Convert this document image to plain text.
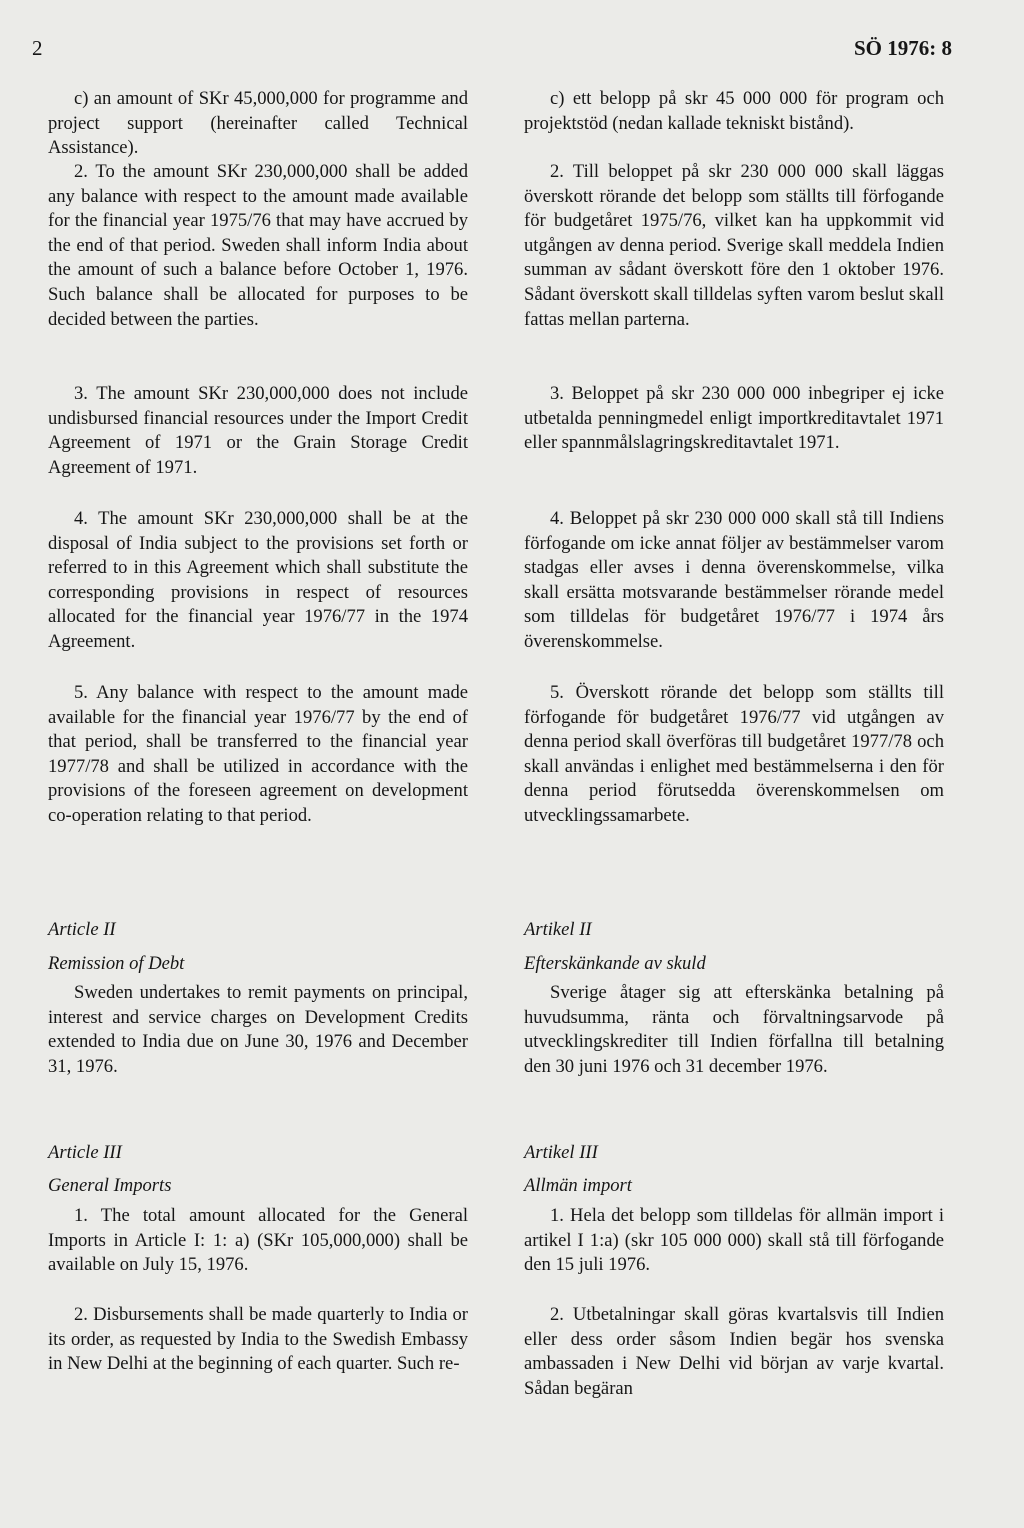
2	SÖ 1976: 8

c) an amount of SKr 45,000,000 for programme and project support (hereinafter called Technical Assistance).

2. To the amount SKr 230,000,000 shall be added any balance with respect to the amount made available for the financial year 1975/76 that may have accrued by the end of that period. Sweden shall inform India about the amount of such a balance before October 1, 1976. Such balance shall be allocated for purposes to be decided between the parties.

3. The amount SKr 230,000,000 does not include undisbursed financial resources under the Import Credit Agreement of 1971 or the Grain Storage Credit Agreement of 1971.

4. The amount SKr 230,000,000 shall be at the disposal of India subject to the provisions set forth or referred to in this Agreement which shall substitute the corresponding provisions in respect of resources allocated for the financial year 1976/77 in the 1974 Agreement.

5. Any balance with respect to the amount made available for the financial year 1976/77 by the end of that period, shall be transferred to the financial year 1977/78 and shall be utilized in accordance with the provisions of the foreseen agreement on development co-operation relating to that period.

Article II

Remission of Debt

Sweden undertakes to remit payments on principal, interest and service charges on Development Credits extended to India due on June 30, 1976 and December 31, 1976.

Article III

General Imports

1. The total amount allocated for the General Imports in Article I: 1: a) (SKr 105,000,000) shall be available on July 15, 1976.

2. Disbursements shall be made quarterly to India or its order, as requested by India to the Swedish Embassy in New Delhi at the beginning of each quarter. Such re-

c) ett belopp på skr 45 000 000 för program och projektstöd (nedan kallade tekniskt bistånd).

2. Till beloppet på skr 230 000 000 skall läggas överskott rörande det belopp som ställts till förfogande för budgetåret 1975/76, vilket kan ha uppkommit vid utgången av denna period. Sverige skall meddela Indien summan av sådant överskott före den 1 oktober 1976. Sådant överskott skall tilldelas syften varom beslut skall fattas mellan parterna.

3. Beloppet på skr 230 000 000 inbegriper ej icke utbetalda penningmedel enligt importkreditavtalet 1971 eller spannmålslagringskreditavtalet 1971.

4. Beloppet på skr 230 000 000 skall stå till Indiens förfogande om icke annat följer av bestämmelser varom stadgas eller avses i denna överenskommelse, vilka skall ersätta motsvarande bestämmelser rörande medel som tilldelas för budgetåret 1976/77 i 1974 års överenskommelse.

5. Överskott rörande det belopp som ställts till förfogande för budgetåret 1976/77 vid utgången av denna period skall överföras till budgetåret 1977/78 och skall användas i enlighet med bestämmelserna i den för denna period förutsedda överenskommelsen om utvecklingssamarbete.

Artikel II

Efterskänkande av skuld

Sverige åtager sig att efterskänka betalning på huvudsumma, ränta och förvaltningsarvode på utvecklingskrediter till Indien förfallna till betalning den 30 juni 1976 och 31 december 1976.

Artikel III

Allmän import

1. Hela det belopp som tilldelas för allmän import i artikel I 1:a) (skr 105 000 000) skall stå till förfogande den 15 juli 1976.

2. Utbetalningar skall göras kvartalsvis till Indien eller dess order såsom Indien begär hos svenska ambassaden i New Delhi vid början av varje kvartal. Sådan begäran
